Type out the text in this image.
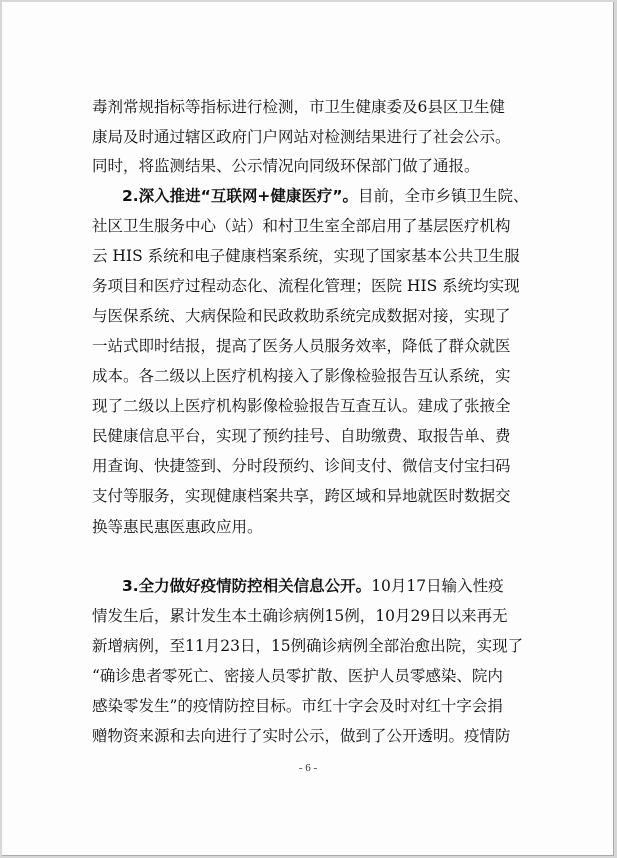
毒剂常规指标等指标进行检测，市卫生健康委及6县区卫生健
康局及时通过辖区政府门户网站对检测结果进行了社会公示。
同时，将监测结果、公示情况向同级环保部门做了通报。
2.深入推进“互联网+健康医疗”。目前，全市乡镇卫生院、
社区卫生服务中心（站）和村卫生室全部启用了基层医疗机构
云 HIS 系统和电子健康档案系统，实现了国家基本公共卫生服
务项目和医疗过程动态化、流程化管理；医院 HIS 系统均实现
与医保系统、大病保险和民政救助系统完成数据对接，实现了
一站式即时结报，提高了医务人员服务效率，降低了群众就医
成本。各二级以上医疗机构接入了影像检验报告互认系统，实
现了二级以上医疗机构影像检验报告互查互认。建成了张掖全
民健康信息平台，实现了预约挂号、自助缴费、取报告单、费
用查询、快捷签到、分时段预约、诊间支付、微信支付宝扫码
支付等服务，实现健康档案共享，跨区域和异地就医时数据交
换等惠民惠医惠政应用。
3.全力做好疫情防控相关信息公开。10月17日输入性疫
情发生后，累计发生本土确诊病例15例，10月29日以来再无
新增病例，至11月23日，15例确诊病例全部治愈出院，实现了
“确诊患者零死亡、密接人员零扩散、医护人员零感染、院内
感染零发生”的疫情防控目标。市红十字会及时对红十字会捐
赠物资来源和去向进行了实时公示，做到了公开透明。疫情防
- 6 -
